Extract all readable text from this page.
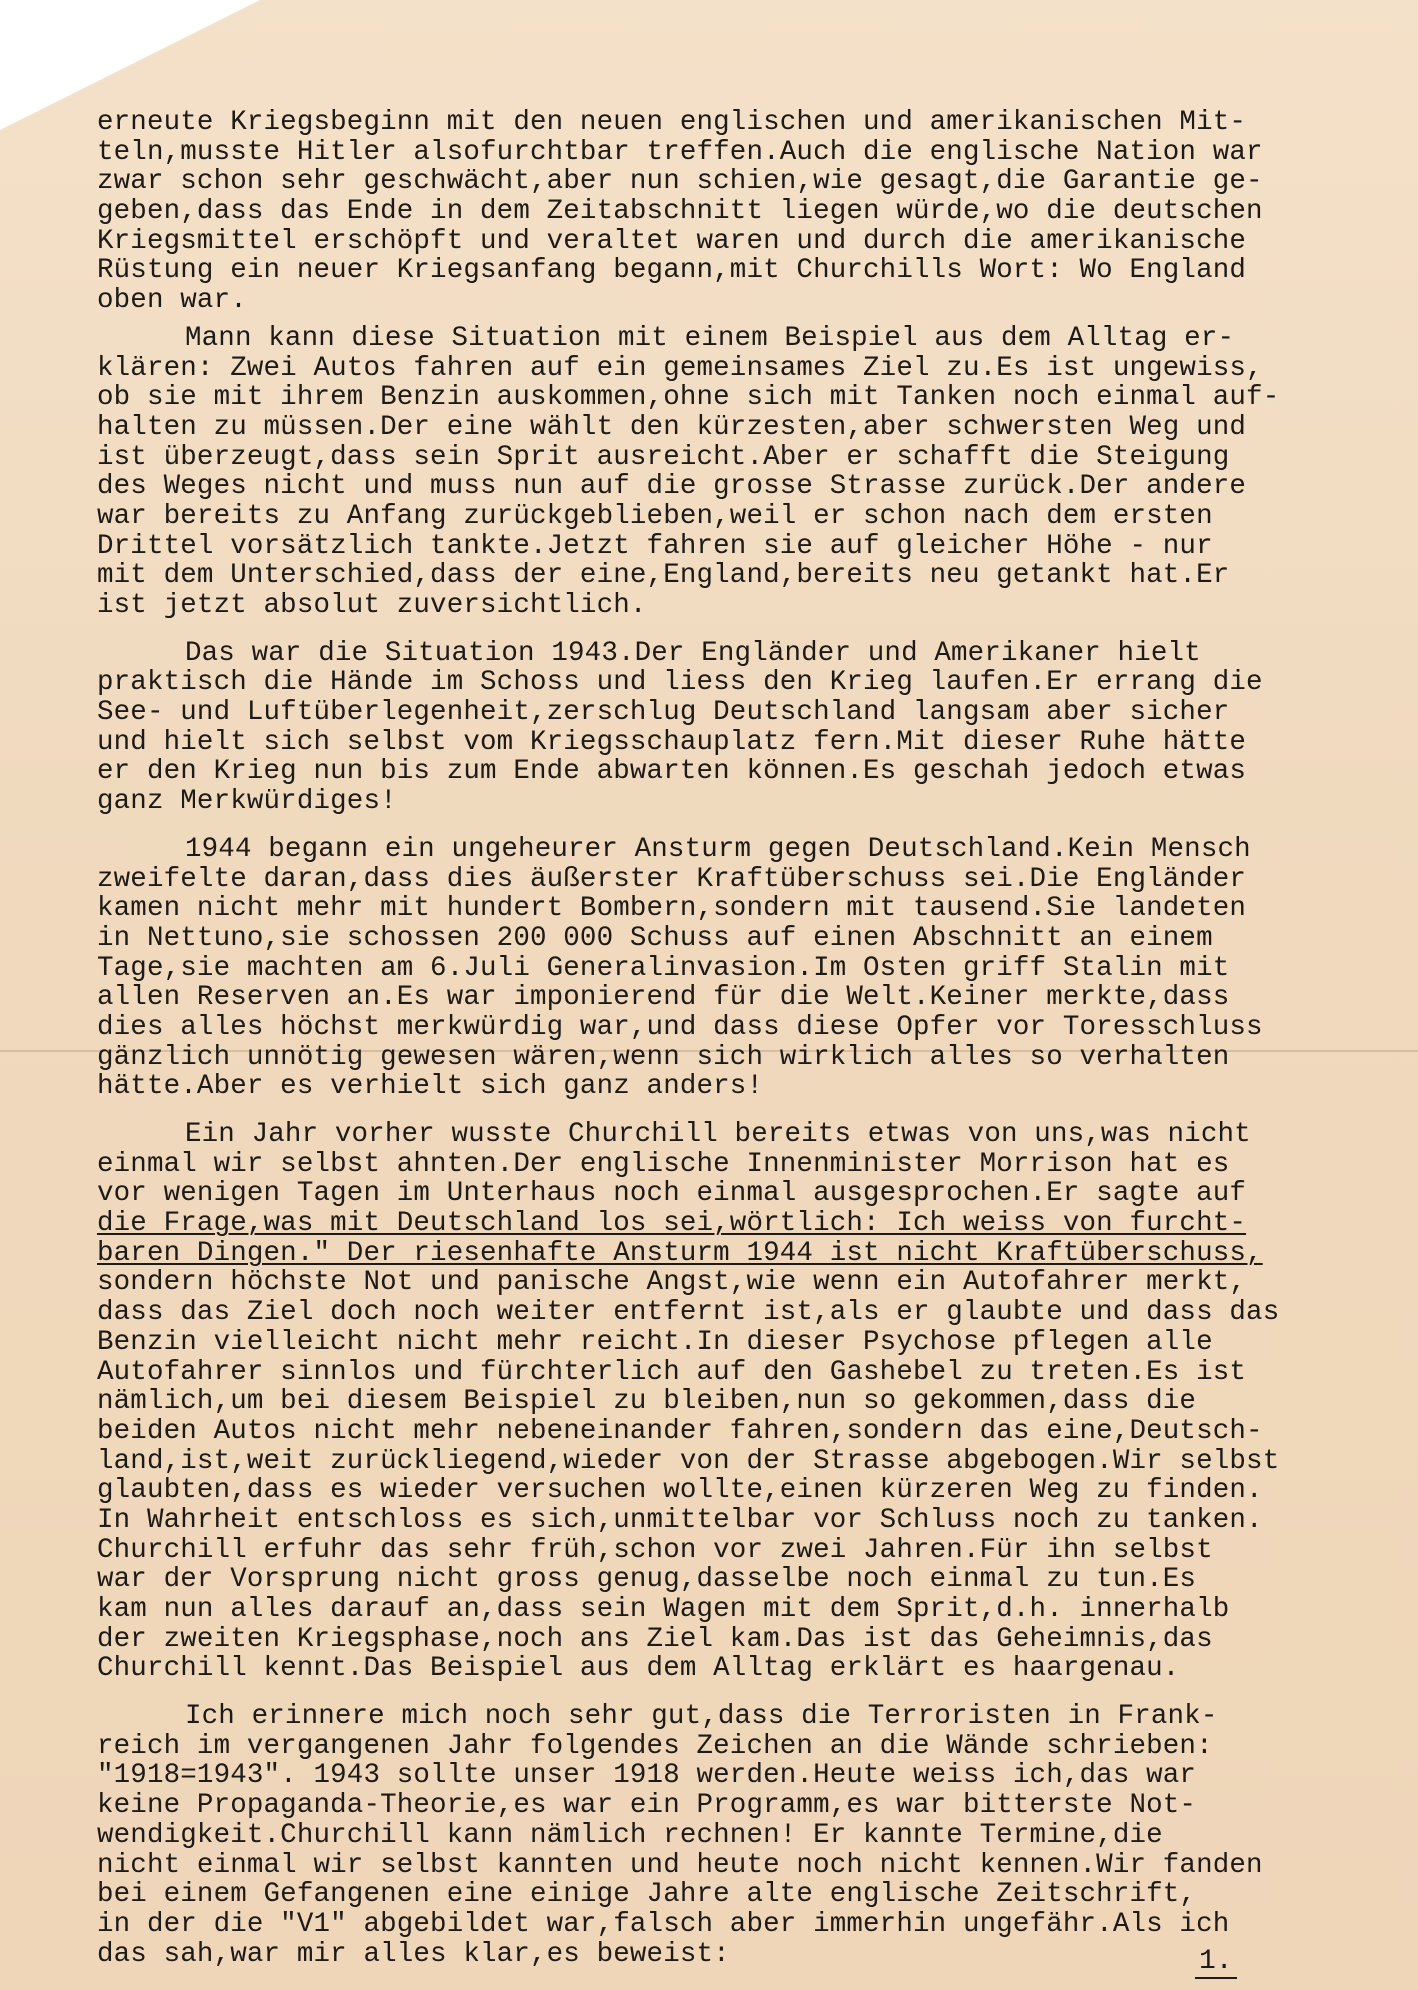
erneute Kriegsbeginn mit den neuen englischen und amerikanischen Mit-
teln,musste Hitler alsofurchtbar treffen.Auch die englische Nation war
zwar schon sehr geschwächt,aber nun schien,wie gesagt,die Garantie ge-
geben,dass das Ende in dem Zeitabschnitt liegen würde,wo die deutschen
Kriegsmittel erschöpft und veraltet waren und durch die amerikanische
Rüstung ein neuer Kriegsanfang begann,mit Churchills Wort: Wo England
oben war.
Mann kann diese Situation mit einem Beispiel aus dem Alltag er-
klären: Zwei Autos fahren auf ein gemeinsames Ziel zu.Es ist ungewiss,
ob sie mit ihrem Benzin auskommen,ohne sich mit Tanken noch einmal auf-
halten zu müssen.Der eine wählt den kürzesten,aber schwersten Weg und
ist überzeugt,dass sein Sprit ausreicht.Aber er schafft die Steigung
des Weges nicht und muss nun auf die grosse Strasse zurück.Der andere
war bereits zu Anfang zurückgeblieben,weil er schon nach dem ersten
Drittel vorsätzlich tankte.Jetzt fahren sie auf gleicher Höhe - nur
mit dem Unterschied,dass der eine,England,bereits neu getankt hat.Er
ist jetzt absolut zuversichtlich.
Das war die Situation 1943.Der Engländer und Amerikaner hielt
praktisch die Hände im Schoss und liess den Krieg laufen.Er errang die
See- und Luftüberlegenheit,zerschlug Deutschland langsam aber sicher
und hielt sich selbst vom Kriegsschauplatz fern.Mit dieser Ruhe hätte
er den Krieg nun bis zum Ende abwarten können.Es geschah jedoch etwas
ganz Merkwürdiges!
1944 begann ein ungeheurer Ansturm gegen Deutschland.Kein Mensch
zweifelte daran,dass dies äußerster Kraftüberschuss sei.Die Engländer
kamen nicht mehr mit hundert Bombern,sondern mit tausend.Sie landeten
in Nettuno,sie schossen 200 000 Schuss auf einen Abschnitt an einem
Tage,sie machten am 6.Juli Generalinvasion.Im Osten griff Stalin mit
allen Reserven an.Es war imponierend für die Welt.Keiner merkte,dass
dies alles höchst merkwürdig war,und dass diese Opfer vor Toresschluss
gänzlich unnötig gewesen wären,wenn sich wirklich alles so verhalten
hätte.Aber es verhielt sich ganz anders!
Ein Jahr vorher wusste Churchill bereits etwas von uns,was nicht
einmal wir selbst ahnten.Der englische Innenminister Morrison hat es
vor wenigen Tagen im Unterhaus noch einmal ausgesprochen.Er sagte auf
die Frage,was mit Deutschland los sei,wörtlich: Ich weiss von furcht-
baren Dingen." Der riesenhafte Ansturm 1944 ist nicht Kraftüberschuss,
sondern höchste Not und panische Angst,wie wenn ein Autofahrer merkt,
dass das Ziel doch noch weiter entfernt ist,als er glaubte und dass das
Benzin vielleicht nicht mehr reicht.In dieser Psychose pflegen alle
Autofahrer sinnlos und fürchterlich auf den Gashebel zu treten.Es ist
nämlich,um bei diesem Beispiel zu bleiben,nun so gekommen,dass die
beiden Autos nicht mehr nebeneinander fahren,sondern das eine,Deutsch-
land,ist,weit zurückliegend,wieder von der Strasse abgebogen.Wir selbst
glaubten,dass es wieder versuchen wollte,einen kürzeren Weg zu finden.
In Wahrheit entschloss es sich,unmittelbar vor Schluss noch zu tanken.
Churchill erfuhr das sehr früh,schon vor zwei Jahren.Für ihn selbst
war der Vorsprung nicht gross genug,dasselbe noch einmal zu tun.Es
kam nun alles darauf an,dass sein Wagen mit dem Sprit,d.h. innerhalb
der zweiten Kriegsphase,noch ans Ziel kam.Das ist das Geheimnis,das
Churchill kennt.Das Beispiel aus dem Alltag erklärt es haargenau.
Ich erinnere mich noch sehr gut,dass die Terroristen in Frank-
reich im vergangenen Jahr folgendes Zeichen an die Wände schrieben:
"1918=1943". 1943 sollte unser 1918 werden.Heute weiss ich,das war
keine Propaganda-Theorie,es war ein Programm,es war bitterste Not-
wendigkeit.Churchill kann nämlich rechnen! Er kannte Termine,die
nicht einmal wir selbst kannten und heute noch nicht kennen.Wir fanden
bei einem Gefangenen eine einige Jahre alte englische Zeitschrift,
in der die "V1" abgebildet war,falsch aber immerhin ungefähr.Als ich
das sah,war mir alles klar,es beweist:	1.
